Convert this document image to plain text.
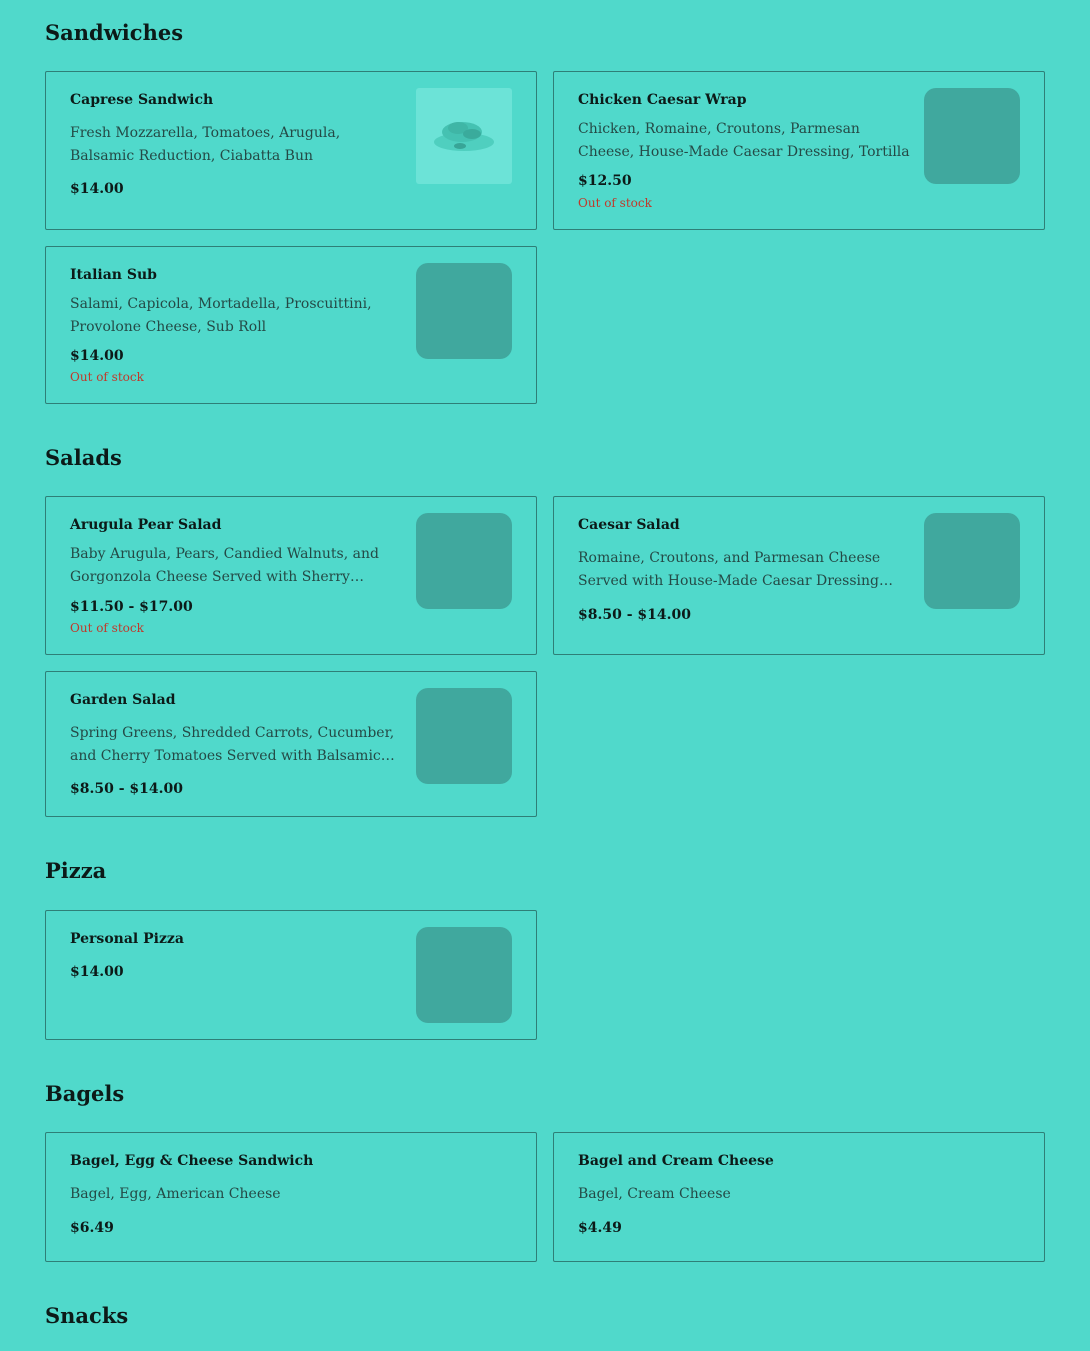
Sandwiches
Caprese Sandwich
Fresh Mozzarella, Tomatoes, Arugula, Balsamic Reduction, Ciabatta Bun
$14.00
Chicken Caesar Wrap
Chicken, Romaine, Croutons, Parmesan Cheese, House-Made Caesar Dressing, Tortilla
$12.50
Out of stock
Italian Sub
Salami, Capicola, Mortadella, Proscuittini, Provolone Cheese, Sub Roll
$14.00
Out of stock
Salads
Arugula Pear Salad
Baby Arugula, Pears, Candied Walnuts, and Gorgonzola Cheese Served with Sherry
$11.50 - $17.00
Out of stock
Caesar Salad
Romaine, Croutons, and Parmesan Cheese Served with House-Made Caesar Dressing
$8.50 - $14.00
Garden Salad
Spring Greens, Shredded Carrots, Cucumber, and Cherry Tomatoes Served with Balsamic
$8.50 - $14.00
Pizza
Personal Pizza
$14.00
Bagels
Bagel, Egg & Cheese Sandwich
Bagel, Egg, American Cheese
$6.49
Bagel and Cream Cheese
Bagel, Cream Cheese
$4.49
Snacks
